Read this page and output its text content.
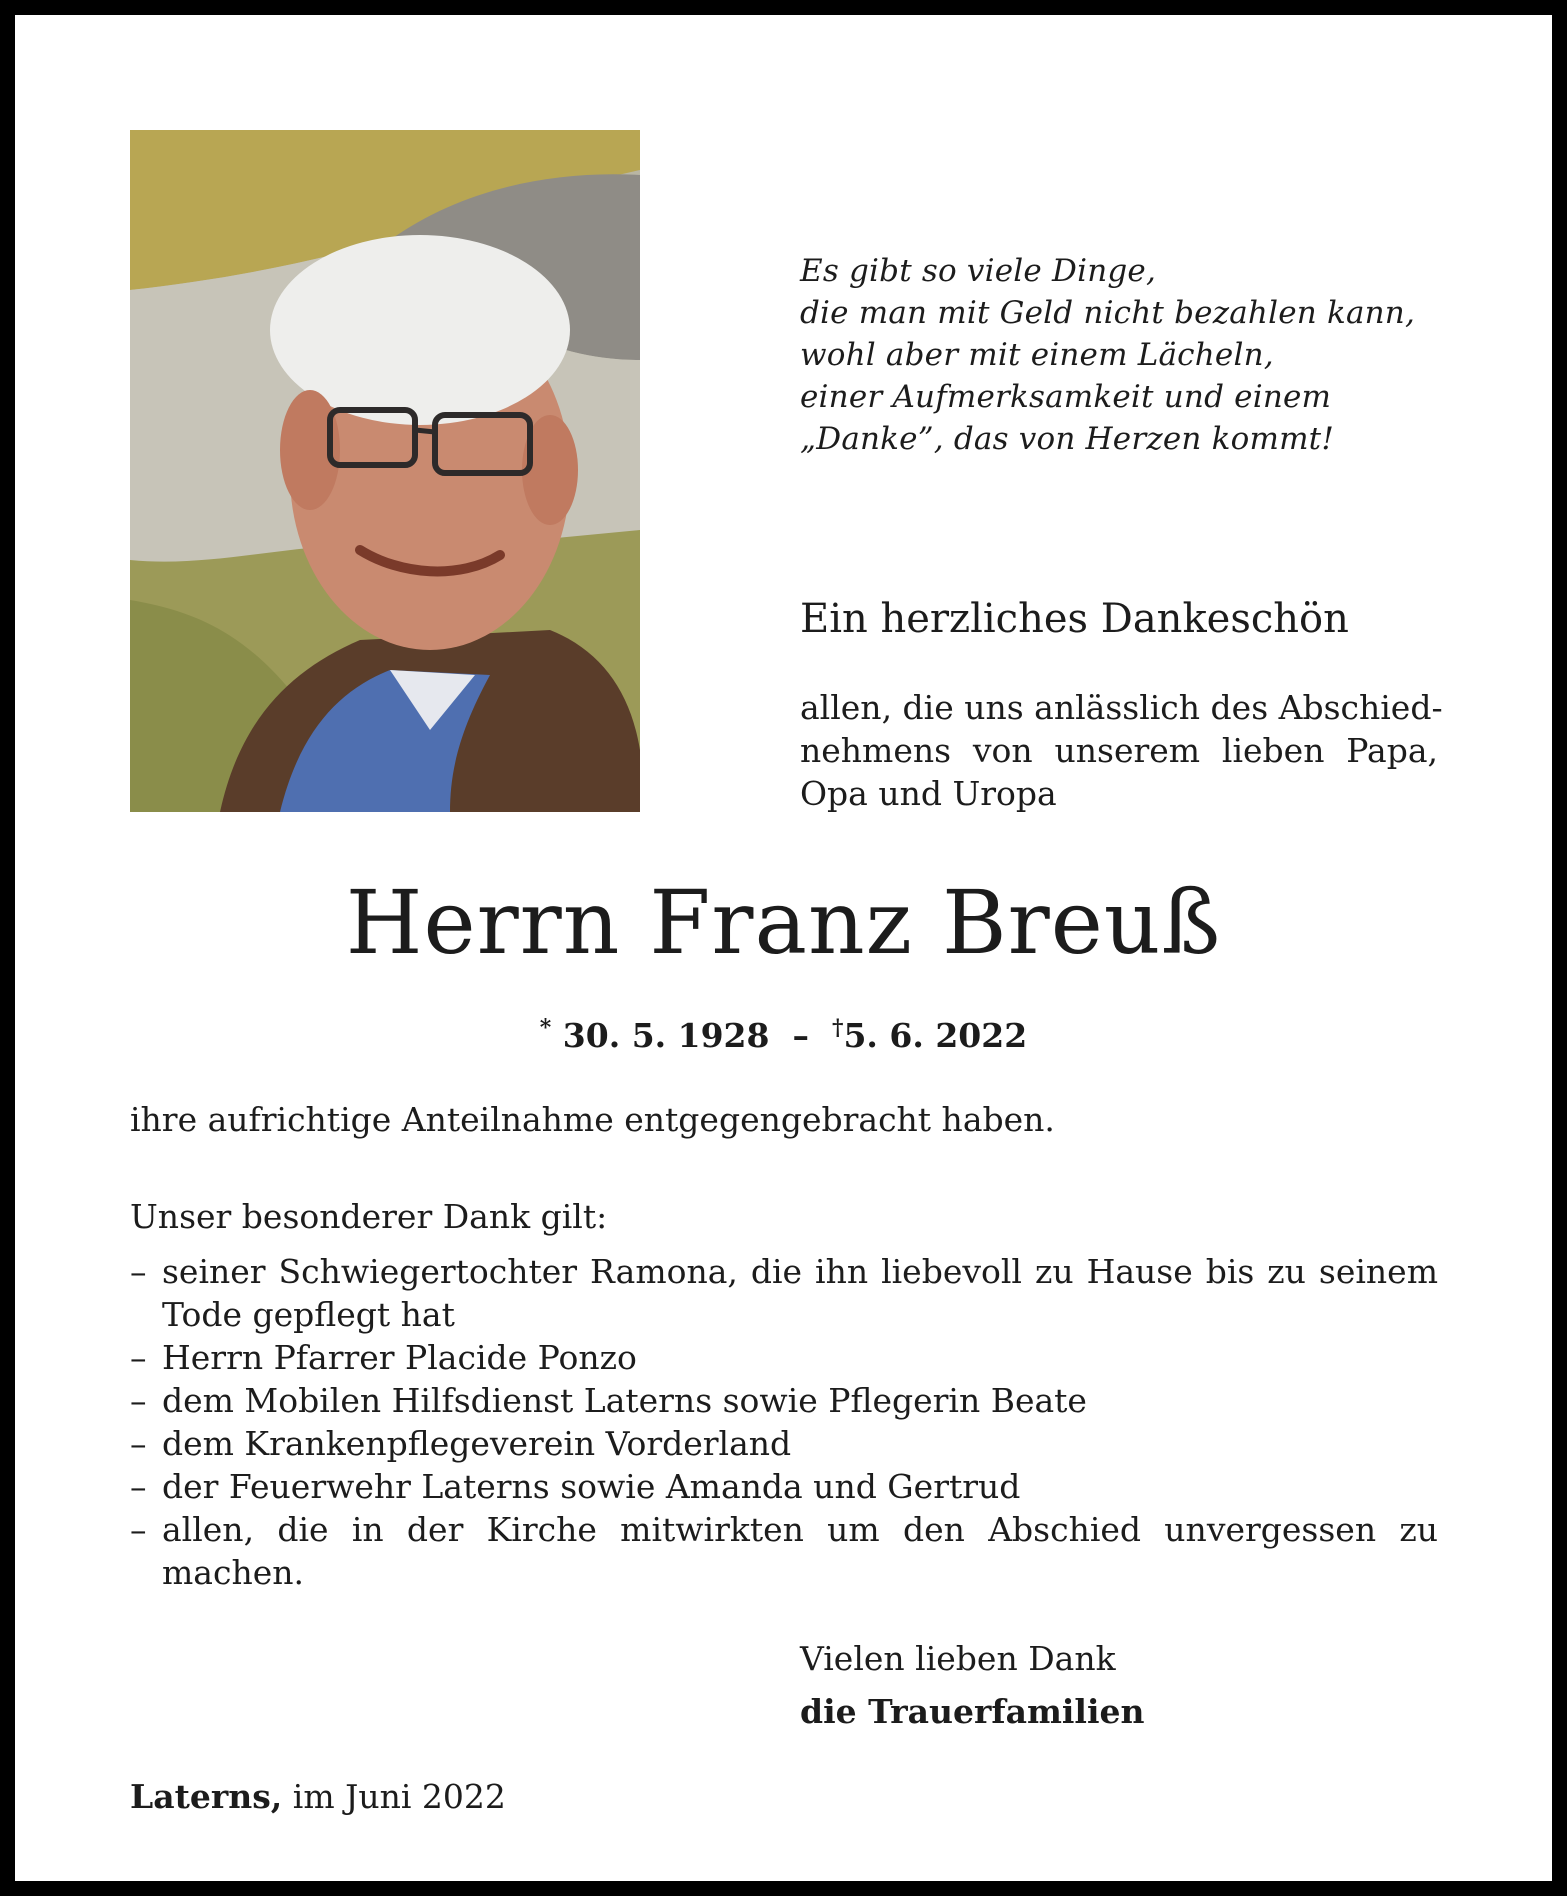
Es gibt so viele Dinge,
die man mit Geld nicht bezahlen kann,
wohl aber mit einem Lächeln,
einer Aufmerksamkeit und einem
„Danke”, das von Herzen kommt!
Ein herzliches Dankeschön
allen, die uns anlässlich des Abschied-
nehmens von unserem lieben Papa,
Opa und Uropa
Herrn Franz Breuß
* 30. 5. 1928 – †5. 6. 2022
ihre aufrichtige Anteilnahme entgegengebracht haben.
Unser besonderer Dank gilt:
– seiner Schwiegertochter Ramona, die ihn liebevoll zu Hause bis zu seinem Tode gepflegt hat
– Herrn Pfarrer Placide Ponzo
– dem Mobilen Hilfsdienst Laterns sowie Pflegerin Beate
– dem Krankenpflegeverein Vorderland
– der Feuerwehr Laterns sowie Amanda und Gertrud
– allen, die in der Kirche mitwirkten um den Abschied unvergessen zu machen.
Vielen lieben Dank
die Trauerfamilien
Laterns, im Juni 2022
